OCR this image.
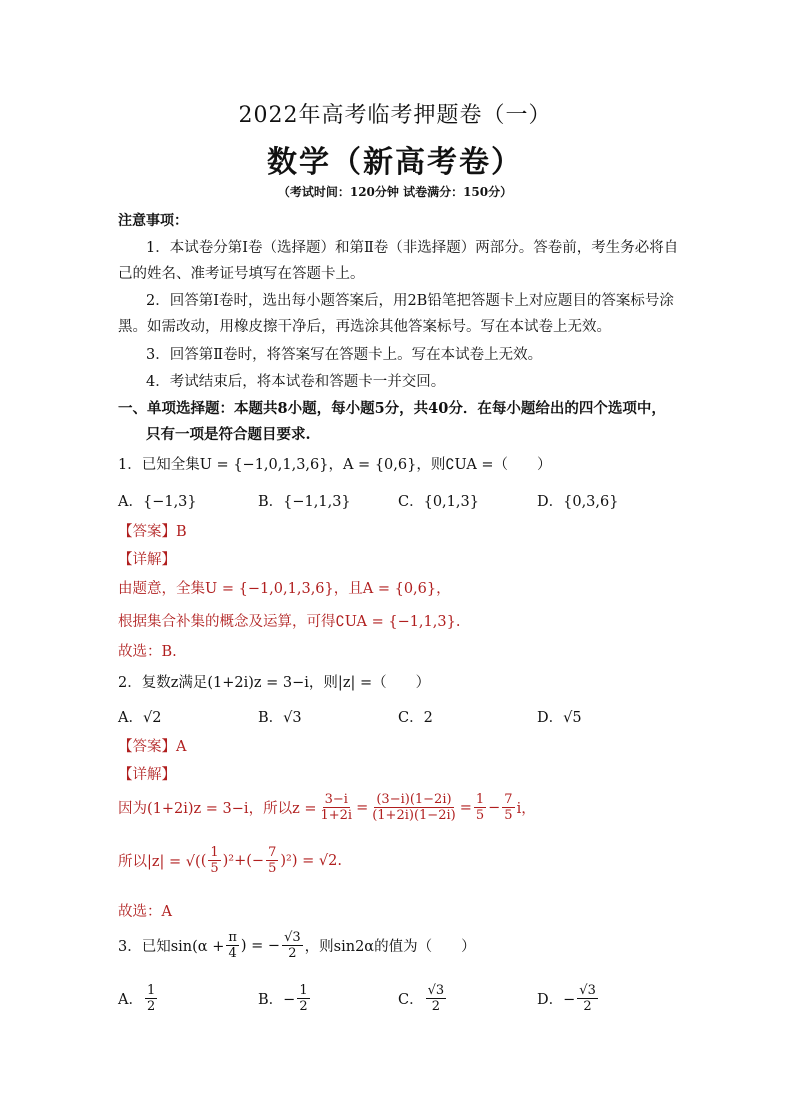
2022年高考临考押题卷（一）
数学（新高考卷）
（考试时间：120分钟 试卷满分：150分）
注意事项：
1．本试卷分第Ⅰ卷（选择题）和第Ⅱ卷（非选择题）两部分。答卷前，考生务必将自
己的姓名、准考证号填写在答题卡上。
2．回答第Ⅰ卷时，选出每小题答案后，用2B铅笔把答题卡上对应题目的答案标号涂
黑。如需改动，用橡皮擦干净后，再选涂其他答案标号。写在本试卷上无效。
3．回答第Ⅱ卷时，将答案写在答题卡上。写在本试卷上无效。
4．考试结束后，将本试卷和答题卡一并交回。
一、单项选择题：本题共8小题，每小题5分，共40分．在每小题给出的四个选项中，
只有一项是符合题目要求.
1．已知全集U = {−1,0,1,3,6}，A = {0,6}，则∁UA =（　　）
A．{−1,3}	B．{−1,1,3}	C．{0,1,3}	D．{0,3,6}
【答案】B
【详解】
由题意，全集U = {−1,0,1,3,6}，且A = {0,6}，
根据集合补集的概念及运算，可得∁UA = {−1,1,3}.
故选：B.
2．复数z满足(1+2i)z = 3−i，则|z| =（　　）
A．√2	B．√3	C．2	D．√5
【答案】A
【详解】
因为(1+2i)z = 3−i，所以$z = \frac{3-i}{1+2i} = \frac{(3-i)(1-2i)}{(1+2i)(1-2i)} = \frac{1}{5} - \frac{7}{5}$ i，
所以|z| = √( ( $\frac{1}{5} )^2+(- \frac{7}{5} )^2$ ) = √2.
故选：A
3．已知$\sin(\alpha + \frac{\pi}{4}$ ) = − $\frac{√3}{2}$ ，则sin2α的值为（　　）
A． $\frac{1}{2}$	B．− $\frac{1}{2}$	C． $\frac{√3}{2}$	D．− $\frac{√3}{2}$
